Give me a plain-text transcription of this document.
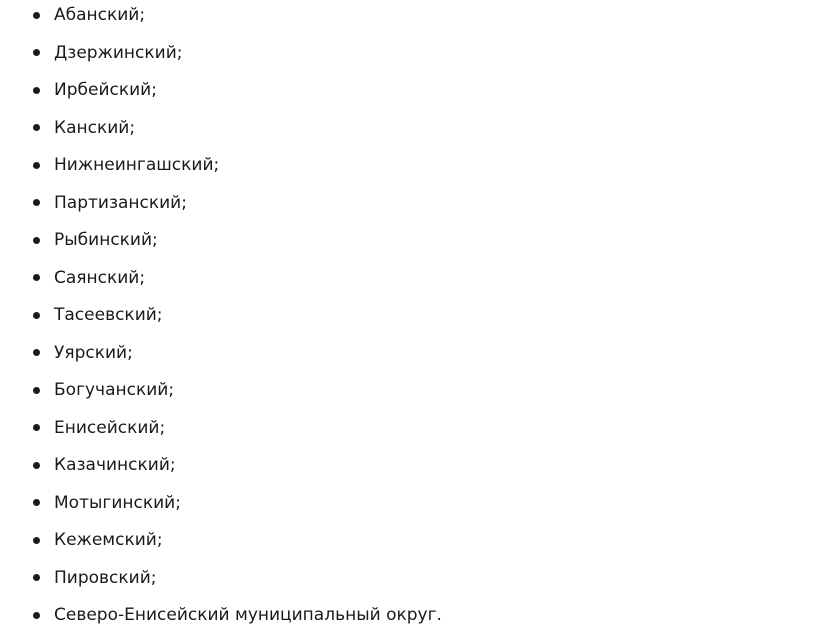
Абанский;
Дзержинский;
Ирбейский;
Канский;
Нижнеингашский;
Партизанский;
Рыбинский;
Саянский;
Тасеевский;
Уярский;
Богучанский;
Енисейский;
Казачинский;
Мотыгинский;
Кежемский;
Пировский;
Северо-Енисейский муниципальный округ.
